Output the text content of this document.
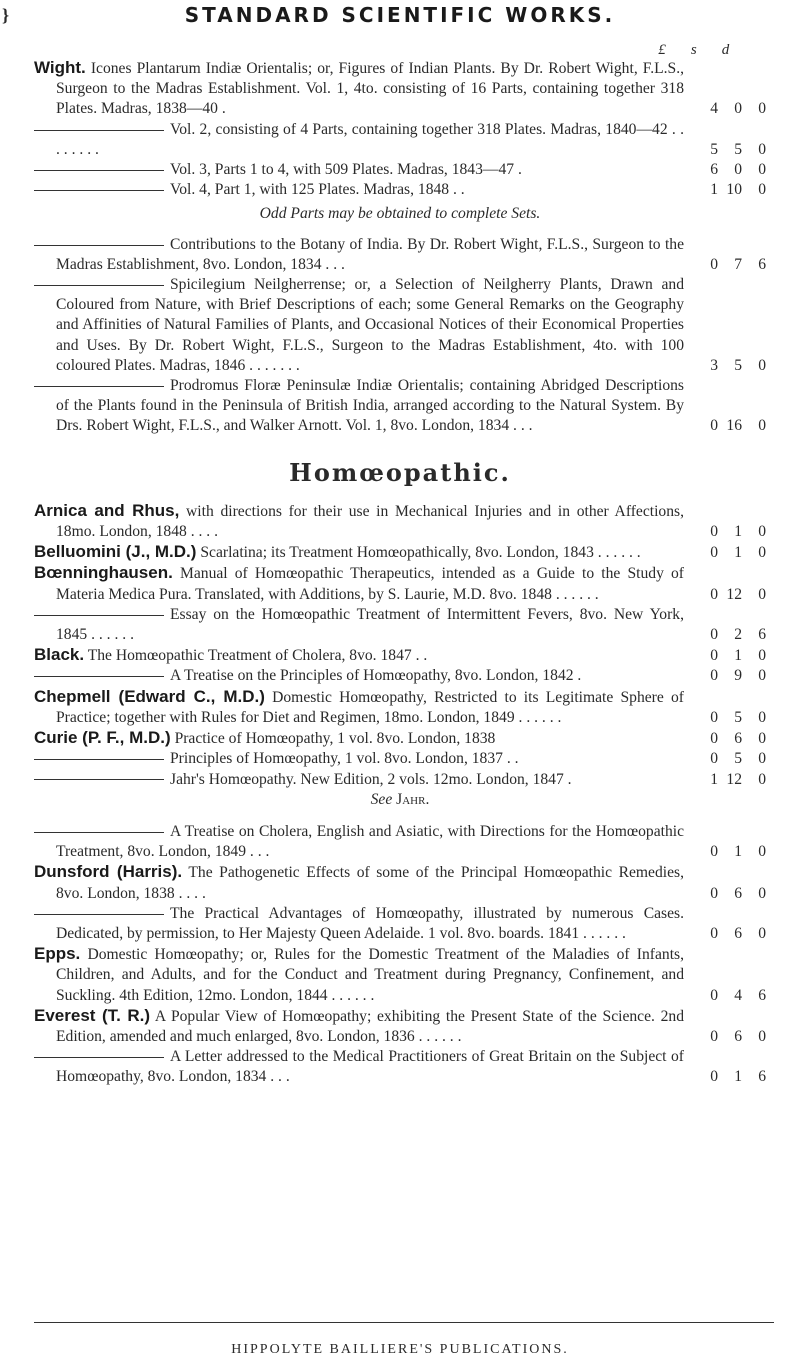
}	STANDARD SCIENTIFIC WORKS.
£ s d
Wight. Icones Plantarum Indiæ Orientalis; or, Figures of Indian Plants. By Dr. Robert Wight, F.L.S., Surgeon to the Madras Establishment. Vol. 1, 4to. consisting of 16 Parts, containing together 318 Plates. Madras, 1838—40 .	4 0 0
Vol. 2, consisting of 4 Parts, containing together 318 Plates. Madras, 1840—42 . . . . . . . .	5 5 0
Vol. 3, Parts 1 to 4, with 509 Plates. Madras, 1843—47 .	6 0 0
Vol. 4, Part 1, with 125 Plates. Madras, 1848 . .	1 10 0
Odd Parts may be obtained to complete Sets.
Contributions to the Botany of India. By Dr. Robert Wight, F.L.S., Surgeon to the Madras Establishment, 8vo. London, 1834 . . .	0 7 6
Spicilegium Neilgherrense; or, a Selection of Neilgherry Plants, Drawn and Coloured from Nature, with Brief Descriptions of each; some General Remarks on the Geography and Affinities of Natural Families of Plants, and Occasional Notices of their Economical Properties and Uses. By Dr. Robert Wight, F.L.S., Surgeon to the Madras Establishment, 4to. with 100 coloured Plates. Madras, 1846 . . . . . . .	3 5 0
Prodromus Floræ Peninsulæ Indiæ Orientalis; containing Abridged Descriptions of the Plants found in the Peninsula of British India, arranged according to the Natural System. By Drs. Robert Wight, F.L.S., and Walker Arnott. Vol. 1, 8vo. London, 1834 . . .	0 16 0
Homœopathic.
Arnica and Rhus, with directions for their use in Mechanical Injuries and in other Affections, 18mo. London, 1848 . . . .	0 1 0
Belluomini (J., M.D.) Scarlatina; its Treatment Homœopathically, 8vo. London, 1843 . . . . . .	0 1 0
Bœnninghausen. Manual of Homœopathic Therapeutics, intended as a Guide to the Study of Materia Medica Pura. Translated, with Additions, by S. Laurie, M.D. 8vo. 1848 . . . . . .	0 12 0
Essay on the Homœopathic Treatment of Intermittent Fevers, 8vo. New York, 1845 . . . . . .	0 2 6
Black. The Homœopathic Treatment of Cholera, 8vo. 1847 . .	0 1 0
A Treatise on the Principles of Homœopathy, 8vo. London, 1842 .	0 9 0
Chepmell (Edward C., M.D.) Domestic Homœopathy, Restricted to its Legitimate Sphere of Practice; together with Rules for Diet and Regimen, 18mo. London, 1849 . . . . . .	0 5 0
Curie (P. F., M.D.) Practice of Homœopathy, 1 vol. 8vo. London, 1838	0 6 0
Principles of Homœopathy, 1 vol. 8vo. London, 1837 . .	0 5 0
Jahr's Homœopathy. New Edition, 2 vols. 12mo. London, 1847 .	1 12 0
See Jahr.
A Treatise on Cholera, English and Asiatic, with Directions for the Homœopathic Treatment, 8vo. London, 1849 . . .	0 1 0
Dunsford (Harris). The Pathogenetic Effects of some of the Principal Homœopathic Remedies, 8vo. London, 1838 . . . .	0 6 0
The Practical Advantages of Homœopathy, illustrated by numerous Cases. Dedicated, by permission, to Her Majesty Queen Adelaide. 1 vol. 8vo. boards. 1841 . . . . . .	0 6 0
Epps. Domestic Homœopathy; or, Rules for the Domestic Treatment of the Maladies of Infants, Children, and Adults, and for the Conduct and Treatment during Pregnancy, Confinement, and Suckling. 4th Edition, 12mo. London, 1844 . . . . . .	0 4 6
Everest (T. R.) A Popular View of Homœopathy; exhibiting the Present State of the Science. 2nd Edition, amended and much enlarged, 8vo. London, 1836 . . . . . .	0 6 0
A Letter addressed to the Medical Practitioners of Great Britain on the Subject of Homœopathy, 8vo. London, 1834 . . .	0 1 6
HIPPOLYTE BAILLIERE'S PUBLICATIONS.
